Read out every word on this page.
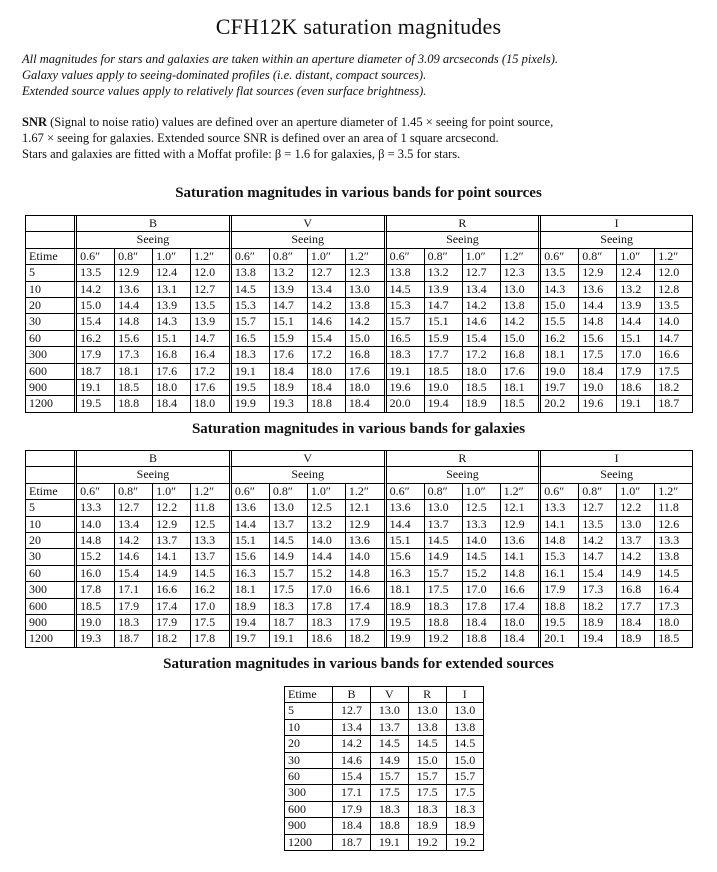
CFH12K saturation magnitudes
All magnitudes for stars and galaxies are taken within an aperture diameter of 3.09 arcseconds (15 pixels).
Galaxy values apply to seeing-dominated profiles (i.e. distant, compact sources).
Extended source values apply to relatively flat sources (even surface brightness).
SNR (Signal to noise ratio) values are defined over an aperture diameter of 1.45 × seeing for point source,
1.67 × seeing for galaxies. Extended source SNR is defined over an area of 1 square arcsecond.
Stars and galaxies are fitted with a Moffat profile: β = 1.6 for galaxies, β = 3.5 for stars.
Saturation magnitudes in various bands for point sources
	B				V				R				I			
	Seeing				Seeing				Seeing				Seeing			
Etime	0.6″	0.8″	1.0″	1.2″	0.6″	0.8″	1.0″	1.2″	0.6″	0.8″	1.0″	1.2″	0.6″	0.8″	1.0″	1.2″
5	13.5	12.9	12.4	12.0	13.8	13.2	12.7	12.3	13.8	13.2	12.7	12.3	13.5	12.9	12.4	12.0
10	14.2	13.6	13.1	12.7	14.5	13.9	13.4	13.0	14.5	13.9	13.4	13.0	14.3	13.6	13.2	12.8
20	15.0	14.4	13.9	13.5	15.3	14.7	14.2	13.8	15.3	14.7	14.2	13.8	15.0	14.4	13.9	13.5
30	15.4	14.8	14.3	13.9	15.7	15.1	14.6	14.2	15.7	15.1	14.6	14.2	15.5	14.8	14.4	14.0
60	16.2	15.6	15.1	14.7	16.5	15.9	15.4	15.0	16.5	15.9	15.4	15.0	16.2	15.6	15.1	14.7
300	17.9	17.3	16.8	16.4	18.3	17.6	17.2	16.8	18.3	17.7	17.2	16.8	18.1	17.5	17.0	16.6
600	18.7	18.1	17.6	17.2	19.1	18.4	18.0	17.6	19.1	18.5	18.0	17.6	19.0	18.4	17.9	17.5
900	19.1	18.5	18.0	17.6	19.5	18.9	18.4	18.0	19.6	19.0	18.5	18.1	19.7	19.0	18.6	18.2
1200	19.5	18.8	18.4	18.0	19.9	19.3	18.8	18.4	20.0	19.4	18.9	18.5	20.2	19.6	19.1	18.7
Saturation magnitudes in various bands for galaxies
	B				V				R				I			
	Seeing				Seeing				Seeing				Seeing			
Etime	0.6″	0.8″	1.0″	1.2″	0.6″	0.8″	1.0″	1.2″	0.6″	0.8″	1.0″	1.2″	0.6″	0.8″	1.0″	1.2″
5	13.3	12.7	12.2	11.8	13.6	13.0	12.5	12.1	13.6	13.0	12.5	12.1	13.3	12.7	12.2	11.8
10	14.0	13.4	12.9	12.5	14.4	13.7	13.2	12.9	14.4	13.7	13.3	12.9	14.1	13.5	13.0	12.6
20	14.8	14.2	13.7	13.3	15.1	14.5	14.0	13.6	15.1	14.5	14.0	13.6	14.8	14.2	13.7	13.3
30	15.2	14.6	14.1	13.7	15.6	14.9	14.4	14.0	15.6	14.9	14.5	14.1	15.3	14.7	14.2	13.8
60	16.0	15.4	14.9	14.5	16.3	15.7	15.2	14.8	16.3	15.7	15.2	14.8	16.1	15.4	14.9	14.5
300	17.8	17.1	16.6	16.2	18.1	17.5	17.0	16.6	18.1	17.5	17.0	16.6	17.9	17.3	16.8	16.4
600	18.5	17.9	17.4	17.0	18.9	18.3	17.8	17.4	18.9	18.3	17.8	17.4	18.8	18.2	17.7	17.3
900	19.0	18.3	17.9	17.5	19.4	18.7	18.3	17.9	19.5	18.8	18.4	18.0	19.5	18.9	18.4	18.0
1200	19.3	18.7	18.2	17.8	19.7	19.1	18.6	18.2	19.9	19.2	18.8	18.4	20.1	19.4	18.9	18.5
Saturation magnitudes in various bands for extended sources
Etime	B	V	R	I
5	12.7	13.0	13.0	13.0
10	13.4	13.7	13.8	13.8
20	14.2	14.5	14.5	14.5
30	14.6	14.9	15.0	15.0
60	15.4	15.7	15.7	15.7
300	17.1	17.5	17.5	17.5
600	17.9	18.3	18.3	18.3
900	18.4	18.8	18.9	18.9
1200	18.7	19.1	19.2	19.2
